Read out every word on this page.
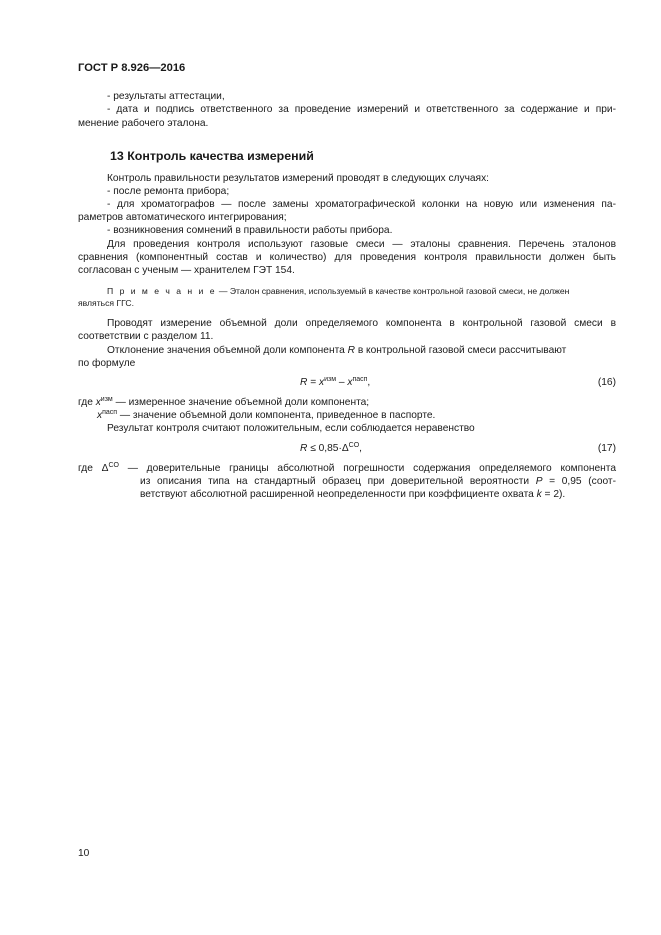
ГОСТ Р 8.926—2016
- результаты аттестации,
- дата и подпись ответственного за проведение измерений и ответственного за содержание и при-
менение рабочего эталона.
13 Контроль качества измерений
Контроль правильности результатов измерений проводят в следующих случаях:
- после ремонта прибора;
- для хроматографов — после замены хроматографической колонки на новую или изменения па-
раметров автоматического интегрирования;
- возникновения сомнений в правильности работы прибора.
Для проведения контроля используют газовые смеси — эталоны сравнения. Перечень эталонов
сравнения (компонентный состав и количество) для проведения контроля правильности должен быть
согласован с ученым — хранителем ГЭТ 154.
П р и м е ч а н и е — Эталон сравнения, используемый в качестве контрольной газовой смеси, не должен
являться ГГС.
Проводят измерение объемной доли определяемого компонента в контрольной газовой смеси в
соответствии с разделом 11.
Отклонение значения объемной доли компонента R в контрольной газовой смеси рассчитывают
по формуле
$R = x^{изм} - x^{пасп}$,	(16)
где $x^{изм}$ — измеренное значение объемной доли компонента;
$x^{пасп}$ — значение объемной доли компонента, приведенное в паспорте.
Результат контроля считают положительным, если соблюдается неравенство
$R \le 0,85\cdot\Delta^{CO}$,	(17)
где $\Delta^{CO}$ — доверительные границы абсолютной погрешности содержания определяемого компонента
из описания типа на стандартный образец при доверительной вероятности P = 0,95 (соот-
ветствуют абсолютной расширенной неопределенности при коэффициенте охвата k = 2).
10
